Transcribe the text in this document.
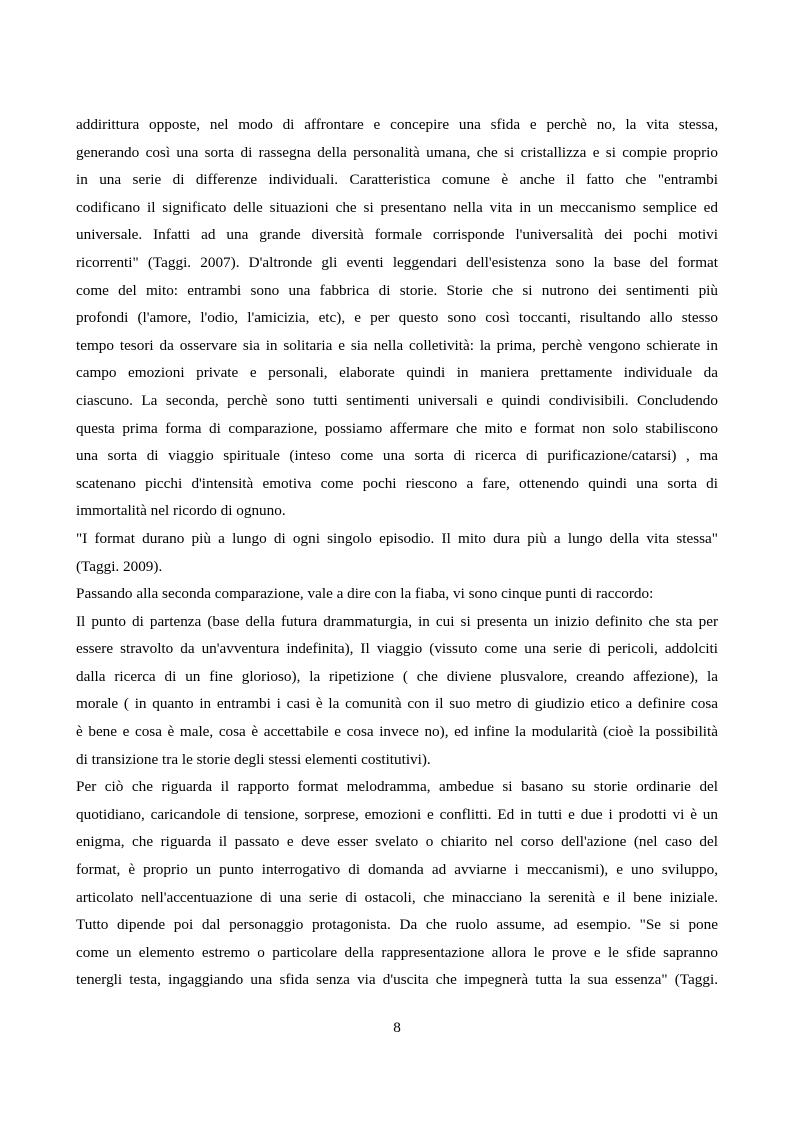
addirittura opposte, nel modo di affrontare e concepire una sfida e perchè no, la vita stessa,
generando così una sorta di rassegna della personalità umana, che si cristallizza e si compie proprio
in una serie di differenze individuali. Caratteristica comune è anche il fatto che "entrambi
codificano il significato delle situazioni che si presentano nella vita in un meccanismo semplice ed
universale. Infatti ad una grande diversità formale corrisponde l'universalità dei pochi motivi
ricorrenti" (Taggi. 2007). D'altronde gli eventi leggendari dell'esistenza sono la base del format
come del mito: entrambi sono una fabbrica di storie. Storie che si nutrono dei sentimenti più
profondi (l'amore, l'odio, l'amicizia, etc), e per questo sono così toccanti, risultando allo stesso
tempo tesori da osservare sia in solitaria e sia nella colletività: la prima, perchè vengono schierate in
campo emozioni private e personali, elaborate quindi in maniera prettamente individuale da
ciascuno. La seconda, perchè sono tutti sentimenti universali e quindi condivisibili. Concludendo
questa prima forma di comparazione, possiamo affermare che mito e format non solo stabiliscono
una sorta di viaggio spirituale (inteso come una sorta di ricerca di purificazione/catarsi) , ma
scatenano picchi d'intensità emotiva come pochi riescono a fare, ottenendo quindi una sorta di
immortalità nel ricordo di ognuno.
"I format durano più a lungo di ogni singolo episodio. Il mito dura più a lungo della vita stessa"
(Taggi. 2009).
Passando alla seconda comparazione, vale a dire con la fiaba, vi sono cinque punti di raccordo:
Il punto di partenza (base della futura drammaturgia, in cui si presenta un inizio definito che sta per
essere stravolto da un'avventura indefinita), Il viaggio (vissuto come una serie di pericoli, addolciti
dalla ricerca di un fine glorioso), la ripetizione ( che diviene plusvalore, creando affezione), la
morale ( in quanto in entrambi i casi è la comunità con il suo metro di giudizio etico a definire cosa
è bene e cosa è male, cosa è accettabile e cosa invece no), ed infine la modularità (cioè la possibilità
di transizione tra le storie degli stessi elementi costitutivi).
Per ciò che riguarda il rapporto format melodramma, ambedue si basano su storie ordinarie del
quotidiano, caricandole di tensione, sorprese, emozioni e conflitti. Ed in tutti e due i prodotti vi è un
enigma, che riguarda il passato e deve esser svelato o chiarito nel corso dell'azione (nel caso del
format, è proprio un punto interrogativo di domanda ad avviarne i meccanismi), e uno sviluppo,
articolato nell'accentuazione di una serie di ostacoli, che minacciano la serenità e il bene iniziale.
Tutto dipende poi dal personaggio protagonista. Da che ruolo assume, ad esempio. "Se si pone
come un elemento estremo o particolare della rappresentazione allora le prove e le sfide sapranno
tenergli testa, ingaggiando una sfida senza via d'uscita che impegnerà tutta la sua essenza" (Taggi.
8
